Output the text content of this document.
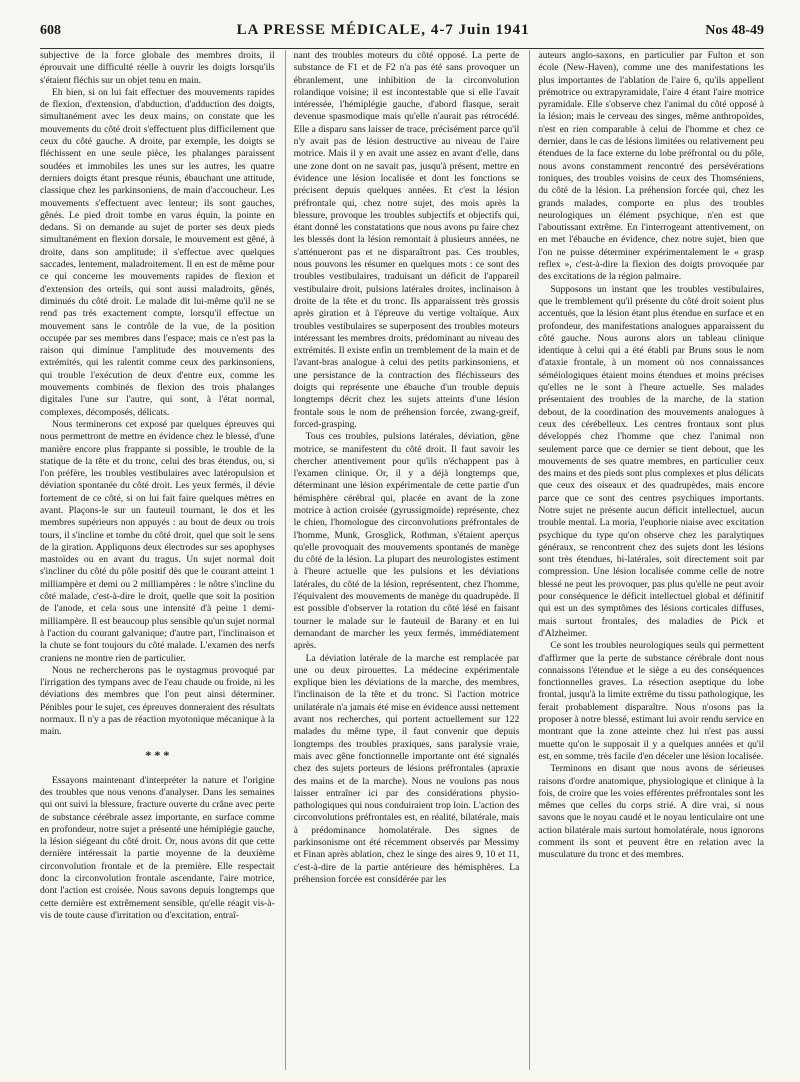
608	LA PRESSE MÉDICALE, 4-7 Juin 1941	Nos 48-49

subjective de la force globale des membres droits, il éprouvait une difficulté réelle à ouvrir les doigts lorsqu'ils s'étaient fléchis sur un objet tenu en main.

Eh bien, si on lui fait effectuer des mouvements rapides de flexion, d'extension, d'abduction, d'adduction des doigts, simultanément avec les deux mains, on constate que les mouvements du côté droit s'effectuent plus difficilement que ceux du côté gauche. A droite, par exemple, les doigts se fléchissent en une seule pièce, les phalanges paraissent soudées et immobiles les unes sur les autres, les quatre derniers doigts étant presque réunis, ébauchant une attitude, classique chez les parkinsoniens, de main d'accoucheur. Les mouvements s'effectuent avec lenteur; ils sont gauches, gênés. Le pied droit tombe en varus équin, la pointe en dedans. Si on demande au sujet de porter ses deux pieds simultanément en flexion dorsale, le mouvement est gêné, à droite, dans son amplitude; il s'effectue avec quelques saccades, lentement, maladroitement. Il en est de même pour ce qui concerne les mouvements rapides de flexion et d'extension des orteils, qui sont aussi maladroits, gênés, diminués du côté droit. Le malade dit lui-même qu'il ne se rend pas très exactement compte, lorsqu'il effectue un mouvement sans le contrôle de la vue, de la position occupée par ses membres dans l'espace; mais ce n'est pas la raison qui diminue l'amplitude des mouvements des extrémités, qui les ralentit comme ceux des parkinsoniens, qui trouble l'exécution de deux d'entre eux, comme les mouvements combinés de flexion des trois phalanges digitales l'une sur l'autre, qui sont, à l'état normal, complexes, décomposés, délicats.

Nous terminerons cet exposé par quelques épreuves qui nous permettront de mettre en évidence chez le blessé, d'une manière encore plus frappante si possible, le trouble de la statique de la tête et du tronc, celui des bras étendus, ou, si l'on préfère, les troubles vestibulaires avec latéropulsion et déviation spontanée du côté droit. Les yeux fermés, il dévie fortement de ce côté, si on lui fait faire quelques mètres en avant. Plaçons-le sur un fauteuil tournant, le dos et les membres supérieurs non appuyés : au bout de deux ou trois tours, il s'incline et tombe du côté droit, quel que soit le sens de la giration. Appliquons deux électrodes sur ses apophyses mastoïdes ou en avant du tragus. Un sujet normal doit s'incliner du côté du pôle positif dès que le courant atteint 1 milliampère et demi ou 2 milliampères : le nôtre s'incline du côté malade, c'est-à-dire le droit, quelle que soit la position de l'anode, et cela sous une intensité d'à peine 1 demi-milliampère. Il est beaucoup plus sensible qu'un sujet normal à l'action du courant galvanique; d'autre part, l'inclinaison et la chute se font toujours du côté malade. L'examen des nerfs craniens ne montre rien de particulier.

Nous ne rechercherons pas le nystagmus provoqué par l'irrigation des tympans avec de l'eau chaude ou froide, ni les déviations des membres que l'on peut ainsi déterminer. Pénibles pour le sujet, ces épreuves donneraient des résultats normaux. Il n'y a pas de réaction myotonique mécanique à la main.

* * *

Essayons maintenant d'interpréter la nature et l'origine des troubles que nous venons d'analyser. Dans les semaines qui ont suivi la blessure, fracture ouverte du crâne avec perte de substance cérébrale assez importante, en surface comme en profondeur, notre sujet a présenté une hémiplégie gauche, la lésion siégeant du côté droit. Or, nous avons dit que cette dernière intéressait la partie moyenne de la deuxième circonvolution frontale et de la première. Elle respectait donc la circonvolution frontale ascendante, l'aire motrice, dont l'action est croisée. Nous savons depuis longtemps que cette dernière est extrêmement sensible, qu'elle réagit vis-à-vis de toute cause d'irritation ou d'excitation, entraî-

nant des troubles moteurs du côté opposé. La perte de substance de F1 et de F2 n'a pas été sans provoquer un ébranlement, une inhibition de la circonvolution rolandique voisine; il est incontestable que si elle l'avait intéressée, l'hémiplégie gauche, d'abord flasque, serait devenue spasmodique mais qu'elle n'aurait pas rétrocédé. Elle a disparu sans laisser de trace, précisément parce qu'il n'y avait pas de lésion destructive au niveau de l'aire motrice. Mais il y en avait une assez en avant d'elle, dans une zone dont on ne savait pas, jusqu'à présent, mettre en évidence une lésion localisée et dont les fonctions se précisent depuis quelques années. Et c'est la lésion préfrontale qui, chez notre sujet, des mois après la blessure, provoque les troubles subjectifs et objectifs qui, étant donné les constatations que nous avons pu faire chez les blessés dont la lésion remontait à plusieurs années, ne s'atténueront pas et ne disparaîtront pas. Ces troubles, nous pouvons les résumer en quelques mots : ce sont des troubles vestibulaires, traduisant un déficit de l'appareil vestibulaire droit, pulsions latérales droites, inclinaison à droite de la tête et du tronc. Ils apparaissent très grossis après giration et à l'épreuve du vertige voltaïque. Aux troubles vestibulaires se superposent des troubles moteurs intéressant les membres droits, prédominant au niveau des extrémités. Il existe enfin un tremblement de la main et de l'avant-bras analogue à celui des petits parkinsoniens, et une persistance de la contraction des fléchisseurs des doigts qui représente une ébauche d'un trouble depuis longtemps décrit chez les sujets atteints d'une lésion frontale sous le nom de préhension forcée, zwang-greif, forced-grasping.

Tous ces troubles, pulsions latérales, déviation, gêne motrice, se manifestent du côté droit. Il faut savoir les chercher attentivement pour qu'ils n'échappent pas à l'examen clinique. Or, il y a déjà longtemps que, déterminant une lésion expérimentale de cette partie d'un hémisphère cérébral qui, placée en avant de la zone motrice à action croisée (gyrussigmoïde) représente, chez le chien, l'homologue des circonvolutions préfrontales de l'homme, Munk, Grosglick, Rothman, s'étaient aperçus qu'elle provoquait des mouvements spontanés de manège du côté de la lésion. La plupart des neurologistes estiment à l'heure actuelle que les pulsions et les déviations latérales, du côté de la lésion, représentent, chez l'homme, l'équivalent des mouvements de manège du quadrupède. Il est possible d'observer la rotation du côté lésé en faisant tourner le malade sur le fauteuil de Barany et en lui demandant de marcher les yeux fermés, immédiatement après.

La déviation latérale de la marche est remplacée par une ou deux pirouettes. La médecine expérimentale explique bien les déviations de la marche, des membres, l'inclinaison de la tête et du tronc. Si l'action motrice unilatérale n'a jamais été mise en évidence aussi nettement avant nos recherches, qui portent actuellement sur 122 malades du même type, il faut convenir que depuis longtemps des troubles praxiques, sans paralysie vraie, mais avec gêne fonctionnelle importante ont été signalés chez des sujets porteurs de lésions préfrontales (apraxie des mains et de la marche). Nous ne voulons pas nous laisser entraîner ici par des considérations physio-pathologiques qui nous conduiraient trop loin. L'action des circonvolutions préfrontales est, en réalité, bilatérale, mais à prédominance homolatérale. Des signes de parkinsonisme ont été récemment observés par Messimy et Finan après ablation, chez le singe des aires 9, 10 et 11, c'est-à-dire de la partie antérieure des hémisphères. La préhension forcée est considérée par les

auteurs anglo-saxons, en particulier par Fulton et son école (New-Haven), comme une des manifestations les plus importantes de l'ablation de l'aire 6, qu'ils appellent prémotrice ou extrapyramidale, l'aire 4 étant l'aire motrice pyramidale. Elle s'observe chez l'animal du côté opposé à la lésion; mais le cerveau des singes, même anthropoïdes, n'est en rien comparable à celui de l'homme et chez ce dernier, dans le cas de lésions limitées ou relativement peu étendues de la face externe du lobe préfrontal ou du pôle, nous avons constamment rencontré des persévérations toniques, des troubles voisins de ceux des Thomséniens, du côté de la lésion. La préhension forcée qui, chez les grands malades, comporte en plus des troubles neurologiques un élément psychique, n'en est que l'aboutissant extrême. En l'interrogeant attentivement, on en met l'ébauche en évidence, chez notre sujet, bien que l'on ne puisse déterminer expérimentalement le « grasp reflex », c'est-à-dire la flexion des doigts provoquée par des excitations de la région palmaire.

Supposons un instant que les troubles vestibulaires, que le tremblement qu'il présente du côté droit soient plus accentués, que la lésion étant plus étendue en surface et en profondeur, des manifestations analogues apparaissent du côté gauche. Nous aurons alors un tableau clinique identique à celui qui a été établi par Bruns sous le nom d'ataxie frontale, à un moment où nos connaissances séméiologiques étaient moins étendues et moins précises qu'elles ne le sont à l'heure actuelle. Ses malades présentaient des troubles de la marche, de la station debout, de la coordination des mouvements analogues à ceux des cérébelleux. Les centres frontaux sont plus développés chez l'homme que chez l'animal non seulement parce que ce dernier se tient debout, que les mouvements de ses quatre membres, en particulier ceux des mains et des pieds sont plus complexes et plus délicats que ceux des oiseaux et des quadrupèdes, mais encore parce que ce sont des centres psychiques importants. Notre sujet ne présente aucun déficit intellectuel, aucun trouble mental. La moria, l'euphorie niaise avec excitation psychique du type qu'on observe chez les paralytiques généraux, se rencontrent chez des sujets dont les lésions sont très étendues, bi-latérales, soit directement soit par compression. Une lésion localisée comme celle de notre blessé ne peut les provoquer, pas plus qu'elle ne peut avoir pour conséquence le déficit intellectuel global et définitif qui est un des symptômes des lésions corticales diffuses, mais surtout frontales, des maladies de Pick et d'Alzheimer.

Ce sont les troubles neurologiques seuls qui permettent d'affirmer que la perte de substance cérébrale dont nous connaissons l'étendue et le siège a eu des conséquences fonctionnelles graves. La résection aseptique du lobe frontal, jusqu'à la limite extrême du tissu pathologique, les ferait probablement disparaître. Nous n'osons pas la proposer à notre blessé, estimant lui avoir rendu service en montrant que la zone atteinte chez lui n'est pas aussi muette qu'on le supposait il y a quelques années et qu'il est, en somme, très facile d'en déceler une lésion localisée.

Terminons en disant que nous avons de sérieuses raisons d'ordre anatomique, physiologique et clinique à la fois, de croire que les voies efférentes préfrontales sont les mêmes que celles du corps strié. A dire vrai, si nous savons que le noyau caudé et le noyau lenticulaire ont une action bilatérale mais surtout homolatérale, nous ignorons comment ils sont et peuvent être en relation avec la musculature du tronc et des membres.
